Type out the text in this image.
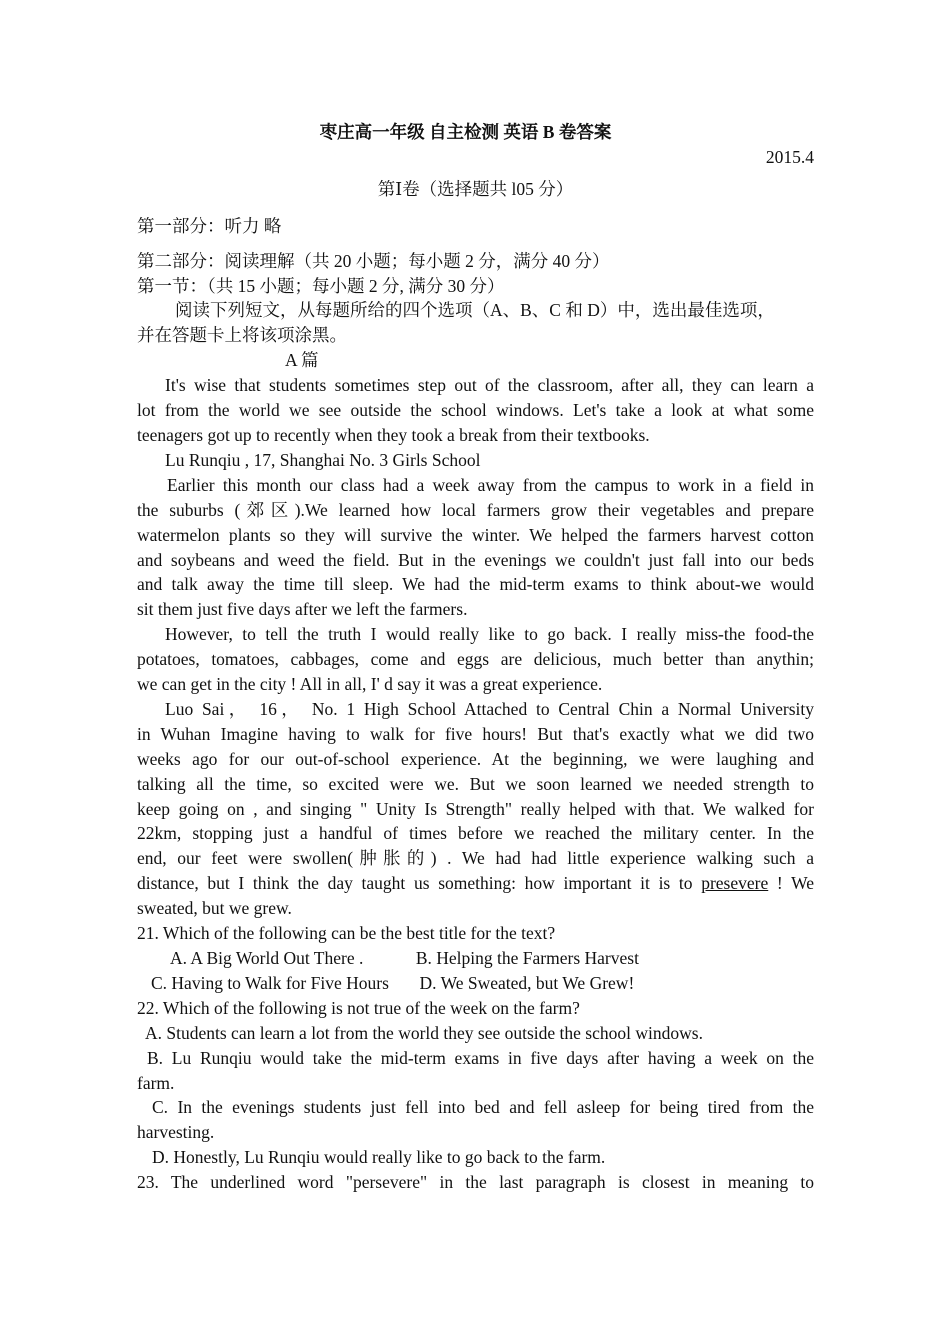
枣庄高一年级 自主检测 英语 B 卷答案
2015.4
第Ⅰ卷（选择题共 l05 分）
第一部分：听力 略
第二部分：阅读理解（共 20 小题；每小题 2 分，满分 40 分）
第一节：（共 15 小题；每小题 2 分, 满分 30 分）
阅读下列短文，从每题所给的四个选项（A、B、C 和 D）中，选出最佳选项，
并在答题卡上将该项涂黑。
A 篇
It's wise that students sometimes step out of the classroom, after all, they can learn a
lot from the world we see outside the school windows. Let's take a look at what some
teenagers got up to recently when they took a break from their textbooks.
Lu Runqiu , 17, Shanghai No. 3 Girls School
Earlier this month our class had a week away from the campus to work in a field in
the suburbs (郊区).We learned how local farmers grow their vegetables and prepare
watermelon plants so they will survive the winter. We helped the farmers harvest cotton
and soybeans and weed the field. But in the evenings we couldn't just fall into our beds
and talk away the time till sleep. We had the mid-term exams to think about-we would
sit them just five days after we left the farmers.
However, to tell the truth I would really like to go back. I really miss-the food-the
potatoes, tomatoes, cabbages, come and eggs are delicious, much better than anythin;
we can get in the city ! All in all, I' d say it was a great experience.
Luo Sai， 16， No. 1 High School Attached to Central Chin a Normal University
in Wuhan Imagine having to walk for five hours! But that's exactly what we did two
weeks ago for our out-of-school experience. At the beginning, we were laughing and
talking all the time, so excited were we. But we soon learned we needed strength to
keep going on , and singing " Unity Is Strength" really helped with that. We walked for
22km, stopping just a handful of times before we reached the military center. In the
end, our feet were swollen(肿胀的) . We had had little experience walking such a
distance, but I think the day taught us something: how important it is to presevere ! We
sweated, but we grew.
21. Which of the following can be the best title for the text?
A. A Big World Out There .            B. Helping the Farmers Harvest
C. Having to Walk for Five Hours       D. We Sweated, but We Grew!
22. Which of the following is not true of the week on the farm?
A. Students can learn a lot from the world they see outside the school windows.
B. Lu Runqiu would take the mid-term exams in five days after having a week on the
farm.
C. In the evenings students just fell into bed and fell asleep for being tired from the
harvesting.
D. Honestly, Lu Runqiu would really like to go back to the farm.
23. The underlined word "persevere" in the last paragraph is closest in meaning to
